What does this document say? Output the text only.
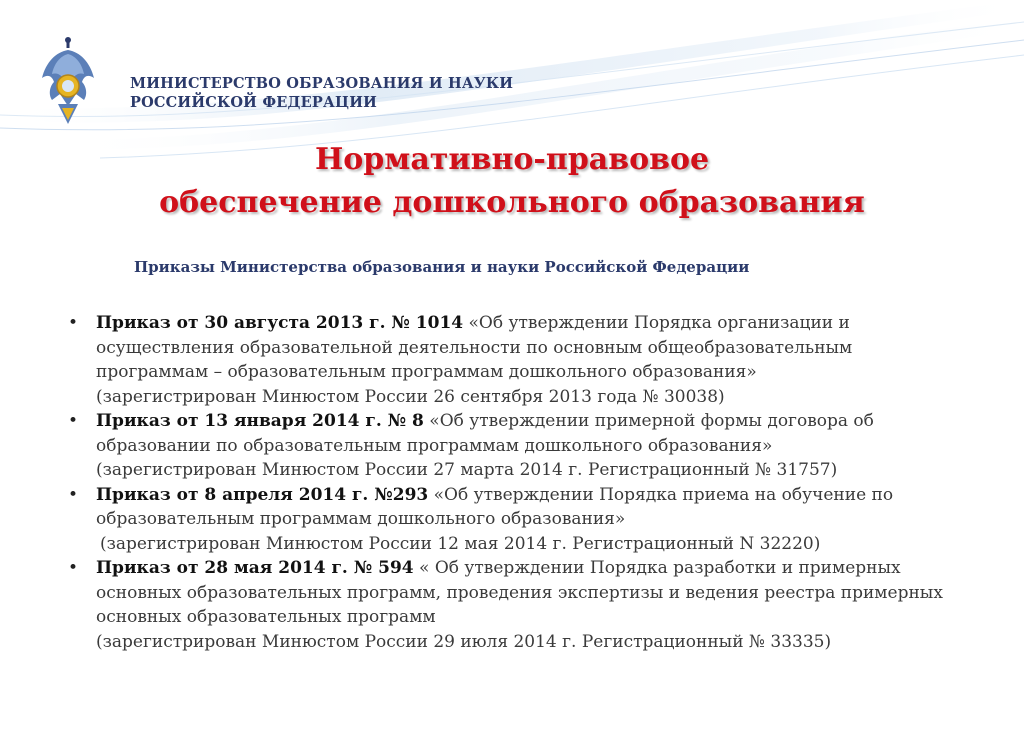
МИНИСТЕРСТВО ОБРАЗОВАНИЯ И НАУКИ
РОССИЙСКОЙ ФЕДЕРАЦИИ
Нормативно-правовое
обеспечение дошкольного образования
Приказы Министерства образования и науки Российской Федерации
• Приказ от 30 августа 2013 г. № 1014 «Об утверждении Порядка организации и осуществления образовательной деятельности по основным общеобразовательным программам – образовательным программам дошкольного образования»
(зарегистрирован Минюстом России 26 сентября 2013 года № 30038)
• Приказ от 13 января 2014 г. № 8 «Об утверждении примерной формы договора об образовании по образовательным программам дошкольного образования»
(зарегистрирован Минюстом России 27 марта 2014 г. Регистрационный № 31757)
• Приказ от 8 апреля 2014 г. №293 «Об утверждении Порядка приема на обучение по образовательным программам дошкольного образования»
(зарегистрирован Минюстом России 12 мая 2014 г. Регистрационный N 32220)
• Приказ от 28 мая 2014 г. № 594 « Об утверждении Порядка разработки и примерных основных образовательных программ, проведения экспертизы и ведения реестра примерных основных образовательных программ
(зарегистрирован Минюстом России 29 июля 2014 г. Регистрационный № 33335)
